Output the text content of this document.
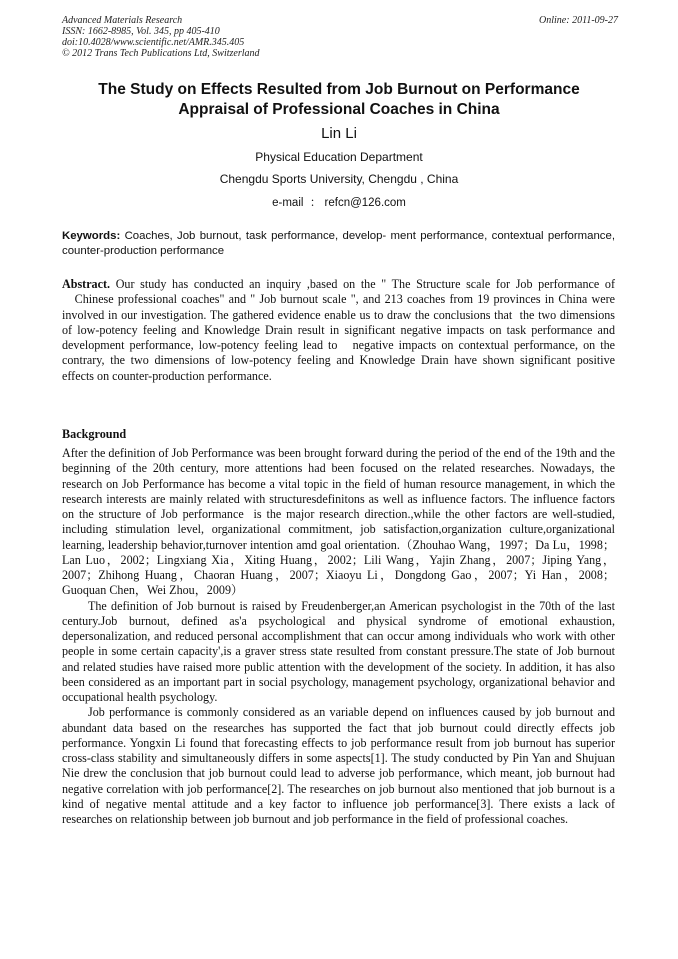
Advanced Materials Research	Online: 2011-09-27
ISSN: 1662-8985, Vol. 345, pp 405-410
doi:10.4028/www.scientific.net/AMR.345.405
© 2012 Trans Tech Publications Ltd, Switzerland
The Study on Effects Resulted from Job Burnout on Performance Appraisal of Professional Coaches in China
Lin Li
Physical Education Department
Chengdu Sports University, Chengdu , China
e-mail  ： refcn@126.com
Keywords: Coaches, Job burnout, task performance, develop- ment performance, contextual performance, counter-production performance
Abstract. Our study has conducted an inquiry ,based on the " The Structure scale for Job performance of    Chinese professional coaches" and " Job burnout scale ", and 213 coaches from 19 provinces in China were involved in our investigation. The gathered evidence enable us to draw the conclusions that  the two dimensions of low-potency feeling and Knowledge Drain result in significant negative impacts on task performance and development performance, low-potency feeling lead to   negative impacts on contextual performance, on the contrary, the two dimensions of low-potency feeling and Knowledge Drain have shown significant positive effects on counter-production performance.
Background

After the definition of Job Performance was been brought forward during the period of the end of the 19th and the beginning of the 20th century, more attentions had been focused on the related researches. Nowadays, the research on Job Performance has become a vital topic in the field of human resource management, in which the research interests are mainly related with structuresdefinitons as well as influence factors. The influence factors on the structure of Job performance  is the major research direction.,while the other factors are well-studied, including stimulation level, organizational commitment, job satisfaction,organization culture,organizational learning, leadership behavior,turnover intention amd goal orientation.（Zhouhao Wang，1997；Da Lu，1998；Lan Luo，2002；Lingxiang Xia，Xiting Huang，2002；Lili Wang，Yajin Zhang，2007；Jiping Yang，2007；Zhihong Huang，Chaoran Huang，2007；Xiaoyu Li，Dongdong Gao，2007；Yi Han，2008；Guoquan Chen，Wei Zhou，2009）

The definition of Job burnout is raised by Freudenberger,an American psychologist in the 70th of the last century.Job burnout, defined as'a psychological and physical syndrome of emotional exhaustion, depersonalization, and reduced personal accomplishment that can occur among individuals who work with other people in some certain capacity',is a graver stress state resulted from constant pressure.The state of Job burnout and related studies have raised more public attention with the development of the society. In addition, it has also been considered as an important part in social psychology, management psychology, organizational behavior and occupational health psychology.

Job performance is commonly considered as an variable depend on influences caused by job burnout and abundant data based on the researches has supported the fact that job burnout could directly effects job performance. Yongxin Li found that forecasting effects to job performance result from job burnout has superior cross-class stability and simultaneously differs in some aspects[1]. The study conducted by Pin Yan and Shujuan Nie drew the conclusion that job burnout could lead to adverse job performance, which meant, job burnout had negative correlation with job performance[2]. The researches on job burnout also mentioned that job burnout is a kind of negative mental attitude and a key factor to influence job performance[3]. There exists a lack of researches on relationship between job burnout and job performance in the field of professional coaches.
